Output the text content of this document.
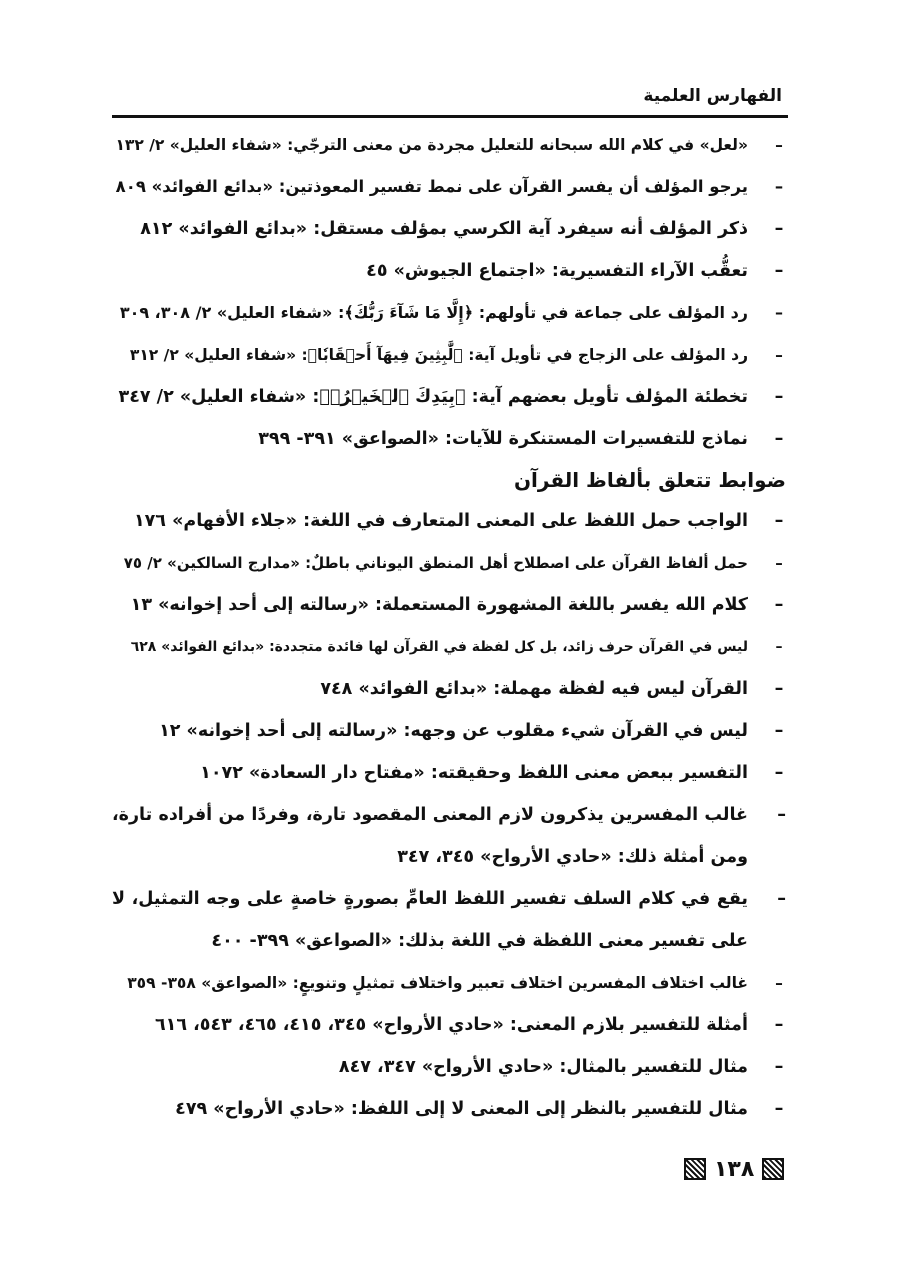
الفهارس العلمية
–
«لعل» في كلام الله سبحانه للتعليل مجردة من معنى الترجّي: «شفاء العليل» ٢/ ١٣٢
–
يرجو المؤلف أن يفسر القرآن على نمط تفسير المعوذتين: «بدائع الفوائد» ٨٠٩
–
ذكر المؤلف أنه سيفرد آية الكرسي بمؤلف مستقل: «بدائع الفوائد» ٨١٢
–
تعقُّب الآراء التفسيرية: «اجتماع الجيوش» ٤٥
–
رد المؤلف على جماعة في تأولهم: ﴿إِلَّا مَا شَآءَ رَبُّكَ﴾: «شفاء العليل» ٢/ ٣٠٨، ٣٠٩
–
رد المؤلف على الزجاج في تأويل آية: ﴿لَّٰبِثِينَ فِيهَآ أَحۡقَابٗا﴾: «شفاء العليل» ٢/ ٣١٢
–
تخطئة المؤلف تأويل بعضهم آية: ﴿بِيَدِكَ ٱلۡخَيۡرُۖ﴾: «شفاء العليل» ٢/ ٣٤٧
–
نماذج للتفسيرات المستنكرة للآيات: «الصواعق» ٣٩١- ٣٩٩
ضوابط تتعلق بألفاظ القرآن
–
الواجب حمل اللفظ على المعنى المتعارف في اللغة: «جلاء الأفهام» ١٧٦
–
حمل ألفاظ القرآن على اصطلاح أهل المنطق اليوناني باطلٌ: «مدارج السالكين» ٢/ ٧٥
–
كلام الله يفسر باللغة المشهورة المستعملة: «رسالته إلى أحد إخوانه» ١٣
–
ليس في القرآن حرف زائد، بل كل لفظة في القرآن لها فائدة متجددة: «بدائع الفوائد» ٦٢٨
–
القرآن ليس فيه لفظة مهملة: «بدائع الفوائد» ٧٤٨
–
ليس في القرآن شيء مقلوب عن وجهه: «رسالته إلى أحد إخوانه» ١٢
–
التفسير ببعض معنى اللفظ وحقيقته: «مفتاح دار السعادة» ١٠٧٢
–
غالب المفسرين يذكرون لازم المعنى المقصود تارة، وفردًا من أفراده تارة، ومن أمثلة ذلك: «حادي الأرواح» ٣٤٥، ٣٤٧
–
يقع في كلام السلف تفسير اللفظ العامِّ بصورةٍ خاصةٍ على وجه التمثيل، لا على تفسير معنى اللفظة في اللغة بذلك: «الصواعق» ٣٩٩- ٤٠٠
–
غالب اختلاف المفسرين اختلاف تعبير واختلاف تمثيلٍ وتنويعٍ: «الصواعق» ٣٥٨- ٣٥٩
–
أمثلة للتفسير بلازم المعنى: «حادي الأرواح» ٣٤٥، ٤١٥، ٤٦٥، ٥٤٣، ٦١٦
–
مثال للتفسير بالمثال: «حادي الأرواح» ٣٤٧، ٨٤٧
–
مثال للتفسير بالنظر إلى المعنى لا إلى اللفظ: «حادي الأرواح» ٤٧٩
١٣٨
